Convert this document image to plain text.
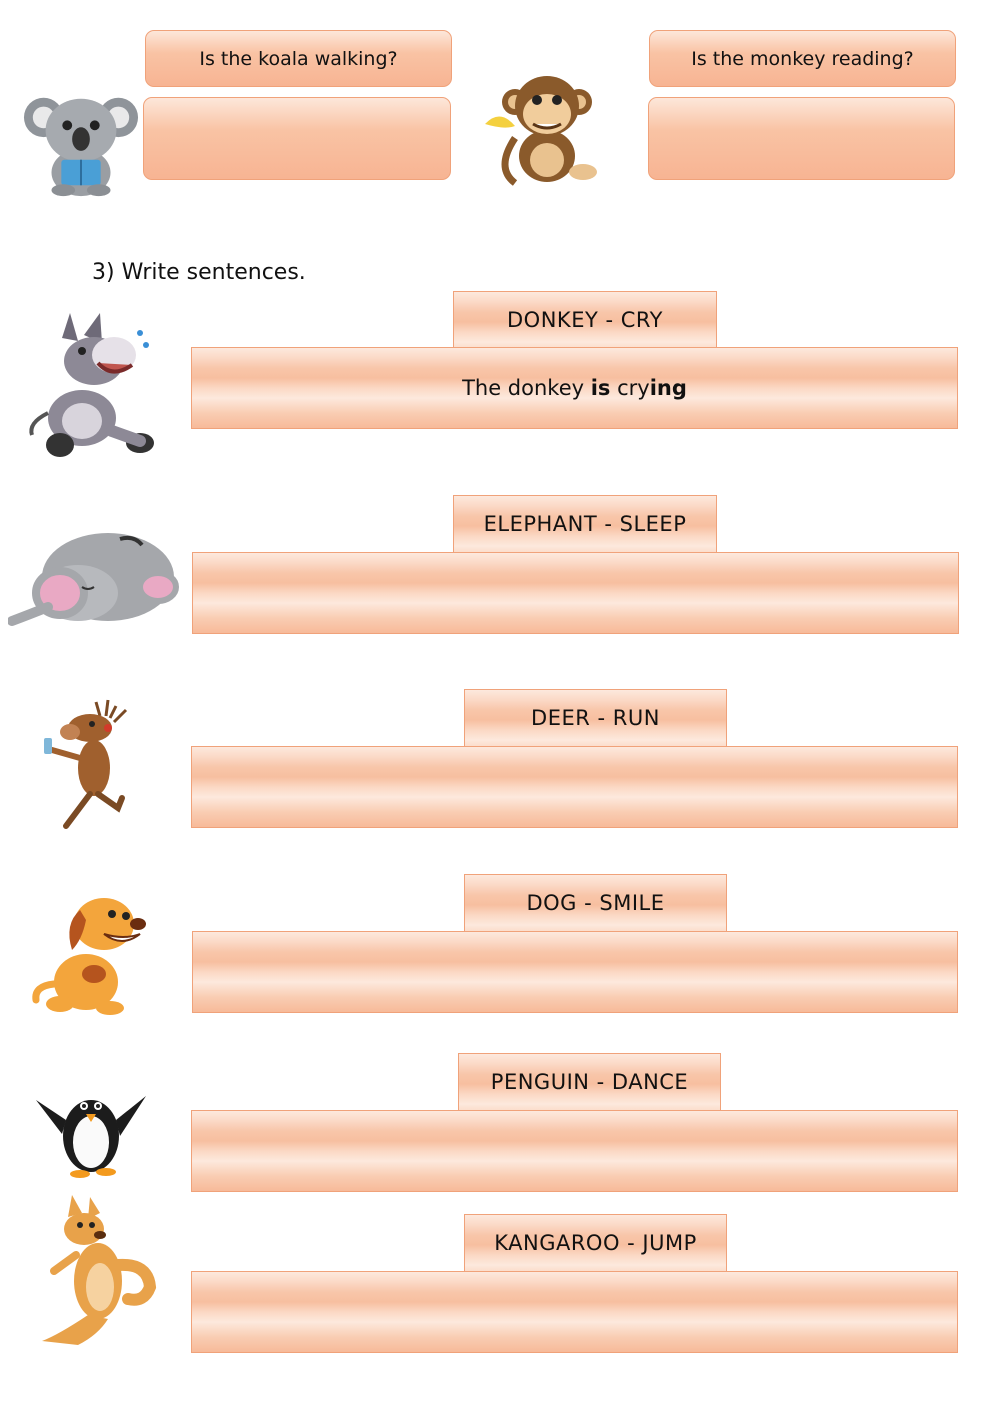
Is the koala walking?	Is the monkey reading?
3) Write sentences.
DONKEY - CRY
The donkey is crying
ELEPHANT - SLEEP
DEER - RUN
DOG - SMILE
PENGUIN - DANCE
KANGAROO - JUMP
